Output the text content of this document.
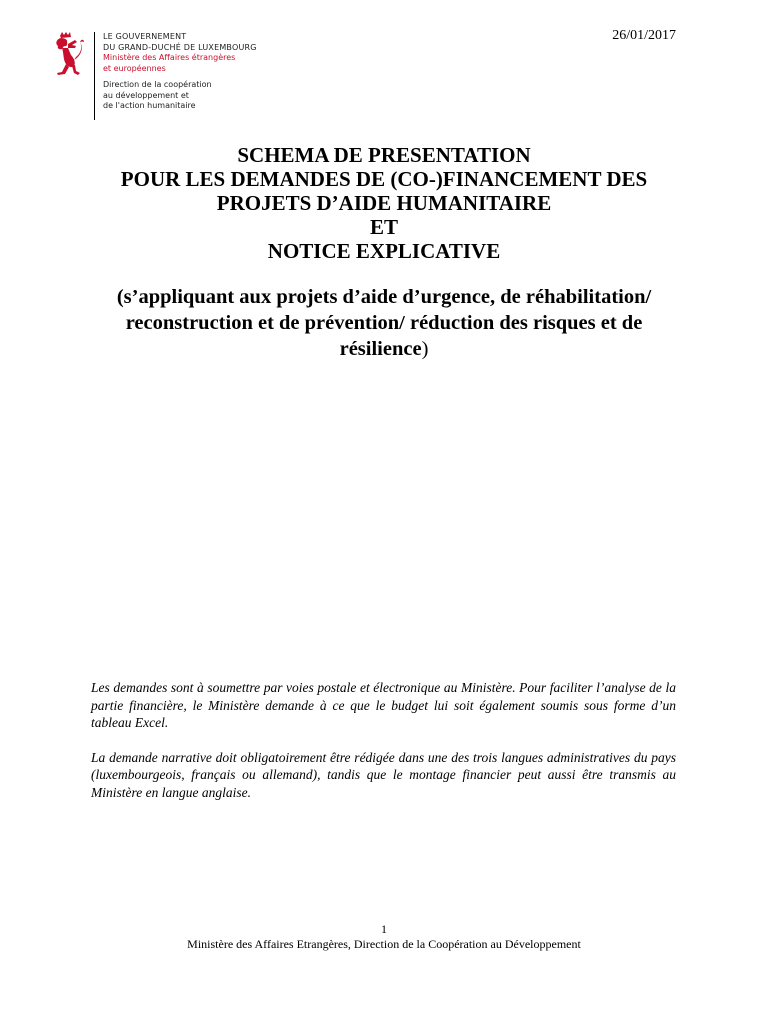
26/01/2017
LE GOUVERNEMENT
DU GRAND-DUCHÉ DE LUXEMBOURG
Ministère des Affaires étrangères
et européennes
Direction de la coopération
au développement et
de l'action humanitaire
SCHEMA DE PRESENTATION
POUR LES DEMANDES DE (CO-)FINANCEMENT DES
PROJETS D’AIDE HUMANITAIRE
ET
NOTICE EXPLICATIVE
(s’appliquant aux projets d’aide d’urgence, de réhabilitation/ reconstruction et de prévention/ réduction des risques et de résilience)

Les demandes sont à soumettre par voies postale et électronique au Ministère. Pour faciliter l’analyse de la partie financière, le Ministère demande à ce que le budget lui soit également soumis sous forme d’un tableau Excel.

La demande narrative doit obligatoirement être rédigée dans une des trois langues administratives du pays (luxembourgeois, français ou allemand), tandis que le montage financier peut aussi être transmis au Ministère en langue anglaise.

1
Ministère des Affaires Etrangères, Direction de la Coopération au Développement
